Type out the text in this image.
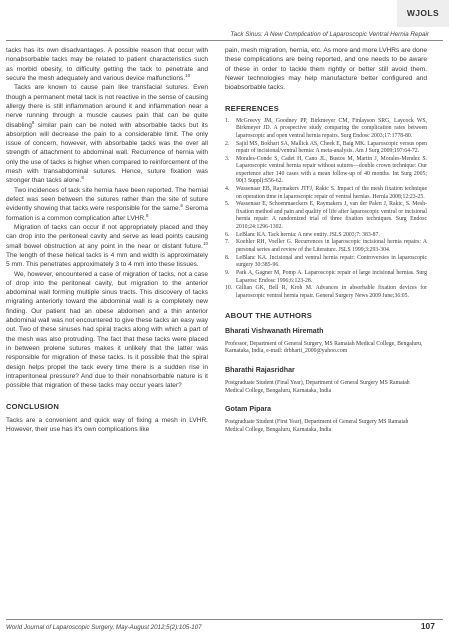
WJOLS
Tack Sinus: A New Complication of Laparoscopic Ventral Hernia Repair

tacks has its own disadvantages. A possible reason that occur with nonabsorbable tacks may be related to patient characteristics such as morbid obesity, to difficulty getting the tack to penetrate and secure the mesh adequately and various device malfunctions.$^{10}$

Tacks are known to cause pain like transfacial sutures. Even though a permanent metal tack is not reactive in the sense of causing allergy there is still inflammation around it and inflammation near a nerve running through a muscle causes pain that can be quite disabling$^8$ similar pain can be noted with absorbable tacks but its absorption will decrease the pain to a considerable limit. The only issue of concern, however, with absorbable tacks was the over all strength of attachment to abdominal wall. Recurrence of hernia with only the use of tacks is higher when compared to reinforcement of the mesh with transabdominal sutures. Hence, suture fixation was stronger than tacks alone.$^8$

Two incidences of tack site hernia have been reported. The hernial defect was seen between the sutures rather than the site of suture evidently showing that tacks were responsible for the same.$^6$ Seroma formation is a common complication after LVHR.$^8$

Migration of tacks can occur if not appropriately placed and they can drop into the peritoneal cavity and serve as lead points causing small bowel obstruction at any point in the near or distant future.$^{10}$ The length of these helical tacks is 4 mm and width is approximately 5 mm. This penetrates approximately 3 to 4 mm into these tissues.

We, however, encountered a case of migration of tacks, not a case of drop into the peritoneal cavity, but migration to the anterior abdominal wall forming multiple sinus tracts. This discovery of tacks migrating anteriorly toward the abdominal wall is a completely new finding. Our patient had an obese abdomen and a thin anterior abdominal wall was not encountered to give these tacks an easy way out. Two of these sinuses had spiral tracks along with which a part of the mesh was also protruding. The fact that these tacks were placed in between prolene sutures makes it unlikely that the latter was responsible for migration of these tacks. Is it possible that the spiral design helps propel the tack every time there is a sudden rise in intraperitoneal pressure? And due to their nonabsorbable nature is it possible that migration of these tacks may occur years later?

CONCLUSION

Tacks are a convenient and quick way of fixing a mesh in LVHR. However, their use has it’s own complications like

pain, mesh migration, hernia, etc. As more and more LVHRs are done these complications are being reported, and one needs to be aware of these in order to tackle them rightly or better still avoid them. Newer technologies may help manufacture better configured and bioabsorbable tacks.

REFERENCES
1. McGreevy JM, Goodney PP, Birkmeyer CM, Finlayson SRG, Laycock WS, Birkmeyer JD. A prospective study comparing the complication rates between laparoscopic and open ventral hernia repairs. Surg Endosc 2003;17:1778-80.
2. Sajid MS, Bokhari SA, Mallick AS, Cheek E, Baig MK. Laparoscopic versus open repair of incisional/ventral hernia: A meta-analysis. Am J Surg 2009;197:64-72.
3. Morales-Conde S, Cadet H, Cano JL, Bustos M, Martin J, Morales-Mendez S. Laparoscopic ventral hernia repair without sutures—double crown technique: Our experience after 140 cases with a mean follow-up of 40 months. Int Surg 2005; 90(3 Suppl):S56-62.
4. Wassenaar EB, Raymakers JTFJ, Rakic S. Impact of the mesh fixation technique on operation time in laparoscopic repair of ventral hernias. Hernia 2008;12:23-25.
5. Wassenaar E, Schoenmaeckers E, Raymakers J, van der Palen J, Rakic, S. Mesh-fixation method and pain and quality of life after laparoscopic ventral or incisional hernia repair: A randomized trial of three fixation techniques. Surg Endosc 2010;24:1296-1302.
6. LeBlanc KA. Tack hernia: A new entity. JSLS 2003;7: 383-87.
7. Koehler RH, Voeller G. Recurrences in laparoscopic incisional hernia repairs: A personal series and review of the Literature. JSLS 1999;3:293-304.
8. LeBlanc KA. Incisional and ventral hernia repair: Controversies in laparoscopic surgery 30:385-96.
9. Park A, Gagner M, Pomp A. Laparoscopic repair of large incisional hernias. Surg Laparosc Endosc 1996;6:123-28.
10. Gillian GK, Bell R, Kroh M. Advances in absorbable fixation devices for laparoscopic ventral hernia repair. General Surgery News 2009 June;36:05.
ABOUT THE AUTHORS
Bharati Vishwanath Hiremath
Professor, Department of General Surgery, MS Ramaiah Medical College, Bengaluru, Karnataka, India, e-mail: drbharti_2000@yahoo.com
Bharathi Rajasridhar
Postgraduate Student (Final Year), Department of General Surgery MS Ramaiah Medical College, Bengaluru, Karnataka, India
Gotam Pipara
Postgraduate Student (First Year), Department of General Surgery MS Ramaiah Medical College, Bengaluru, Karnataka, India
World Journal of Laparoscopic Surgery, May-August 2012;5(2):105-107	107
